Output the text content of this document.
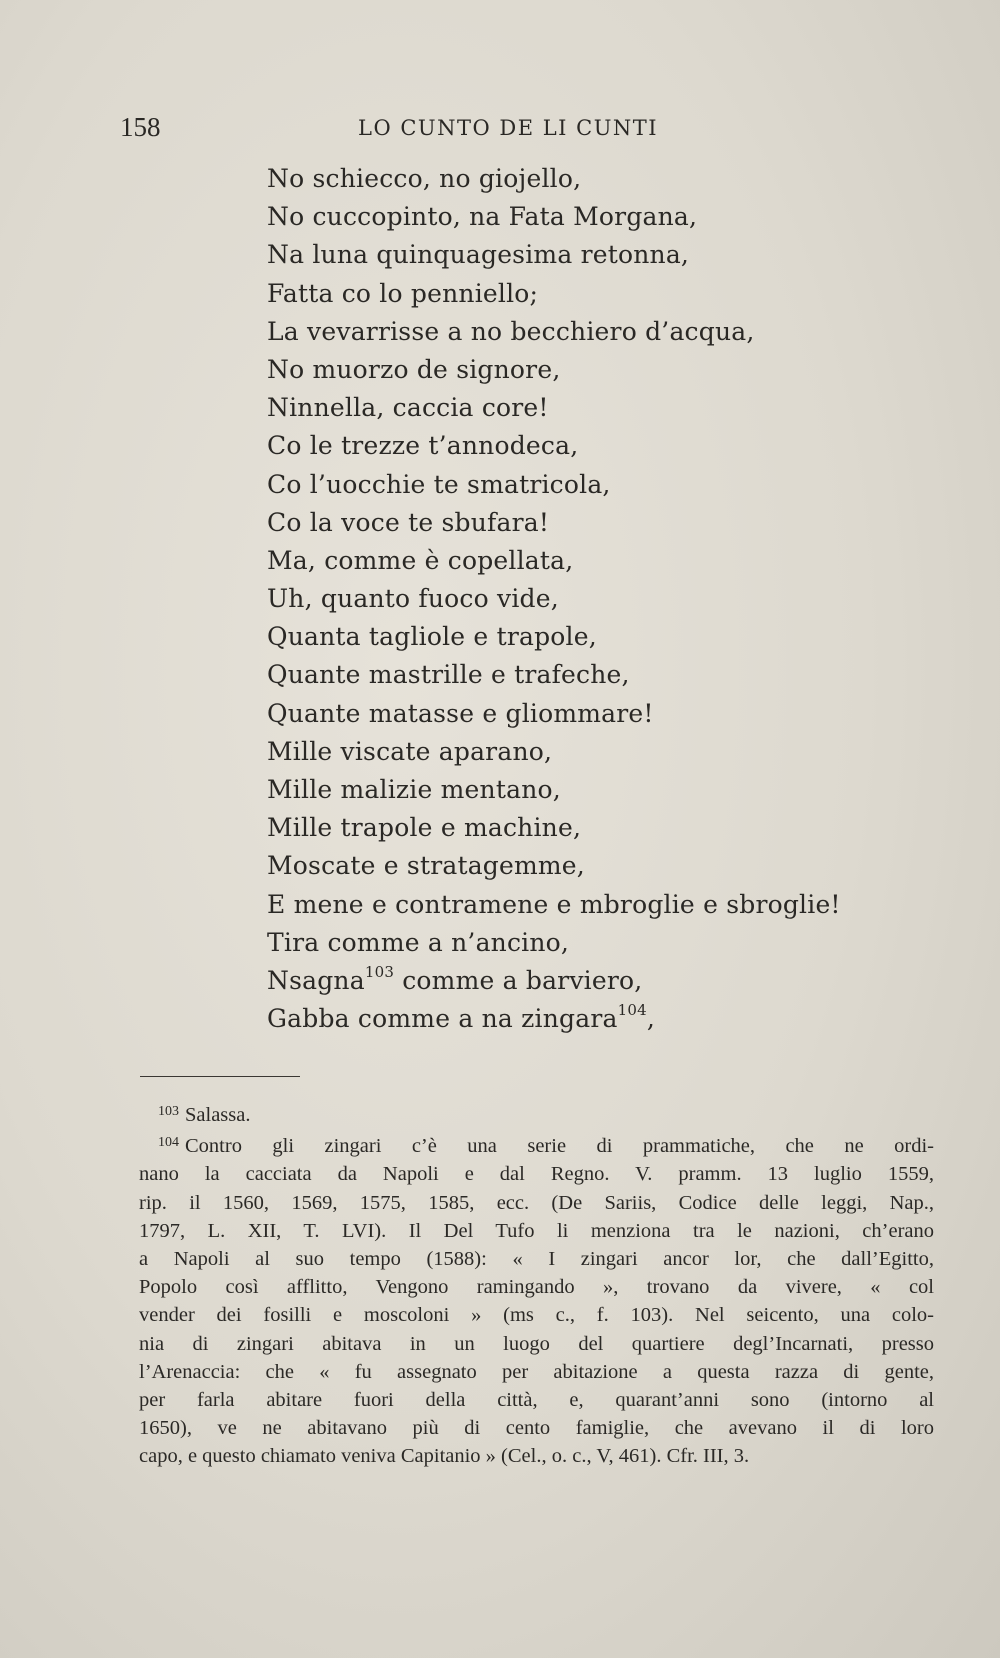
158	LO CUNTO DE LI CUNTI
No schiecco, no giojello,
No cuccopinto, na Fata Morgana,
Na luna quinquagesima retonna,
Fatta co lo penniello;
La vevarrisse a no becchiero d’acqua,
No muorzo de signore,
Ninnella, caccia core!
Co le trezze t’annodeca,
Co l’uocchie te smatricola,
Co la voce te sbufara!
Ma, comme è copellata,
Uh, quanto fuoco vide,
Quanta tagliole e trapole,
Quante mastrille e trafeche,
Quante matasse e gliommare!
Mille viscate aparano,
Mille malizie mentano,
Mille trapole e machine,
Moscate e stratagemme,
E mene e contramene e mbroglie e sbroglie!
Tira comme a n’ancino,
Nsagna$^{103}$ comme a barviero,
Gabba comme a na zingara$^{104}$,
$^{103}$ Salassa.
$^{104}$ Contro gli zingari c’è una serie di prammatiche, che ne ordi-
nano la cacciata da Napoli e dal Regno. V. pramm. 13 luglio 1559,
rip. il 1560, 1569, 1575, 1585, ecc. (De Sariis, Codice delle leggi, Nap.,
1797, L. XII, T. LVI). Il Del Tufo li menziona tra le nazioni, ch’erano
a Napoli al suo tempo (1588): « I zingari ancor lor, che dall’Egitto,
Popolo così afflitto, Vengono ramingando », trovano da vivere, « col
vender dei fosilli e moscoloni » (ms c., f. 103). Nel seicento, una colo-
nia di zingari abitava in un luogo del quartiere degl’Incarnati, presso
l’Arenaccia: che « fu assegnato per abitazione a questa razza di gente,
per farla abitare fuori della città, e, quarant’anni sono (intorno al
1650), ve ne abitavano più di cento famiglie, che avevano il di loro
capo, e questo chiamato veniva Capitanio » (Cel., o. c., V, 461). Cfr. III, 3.
